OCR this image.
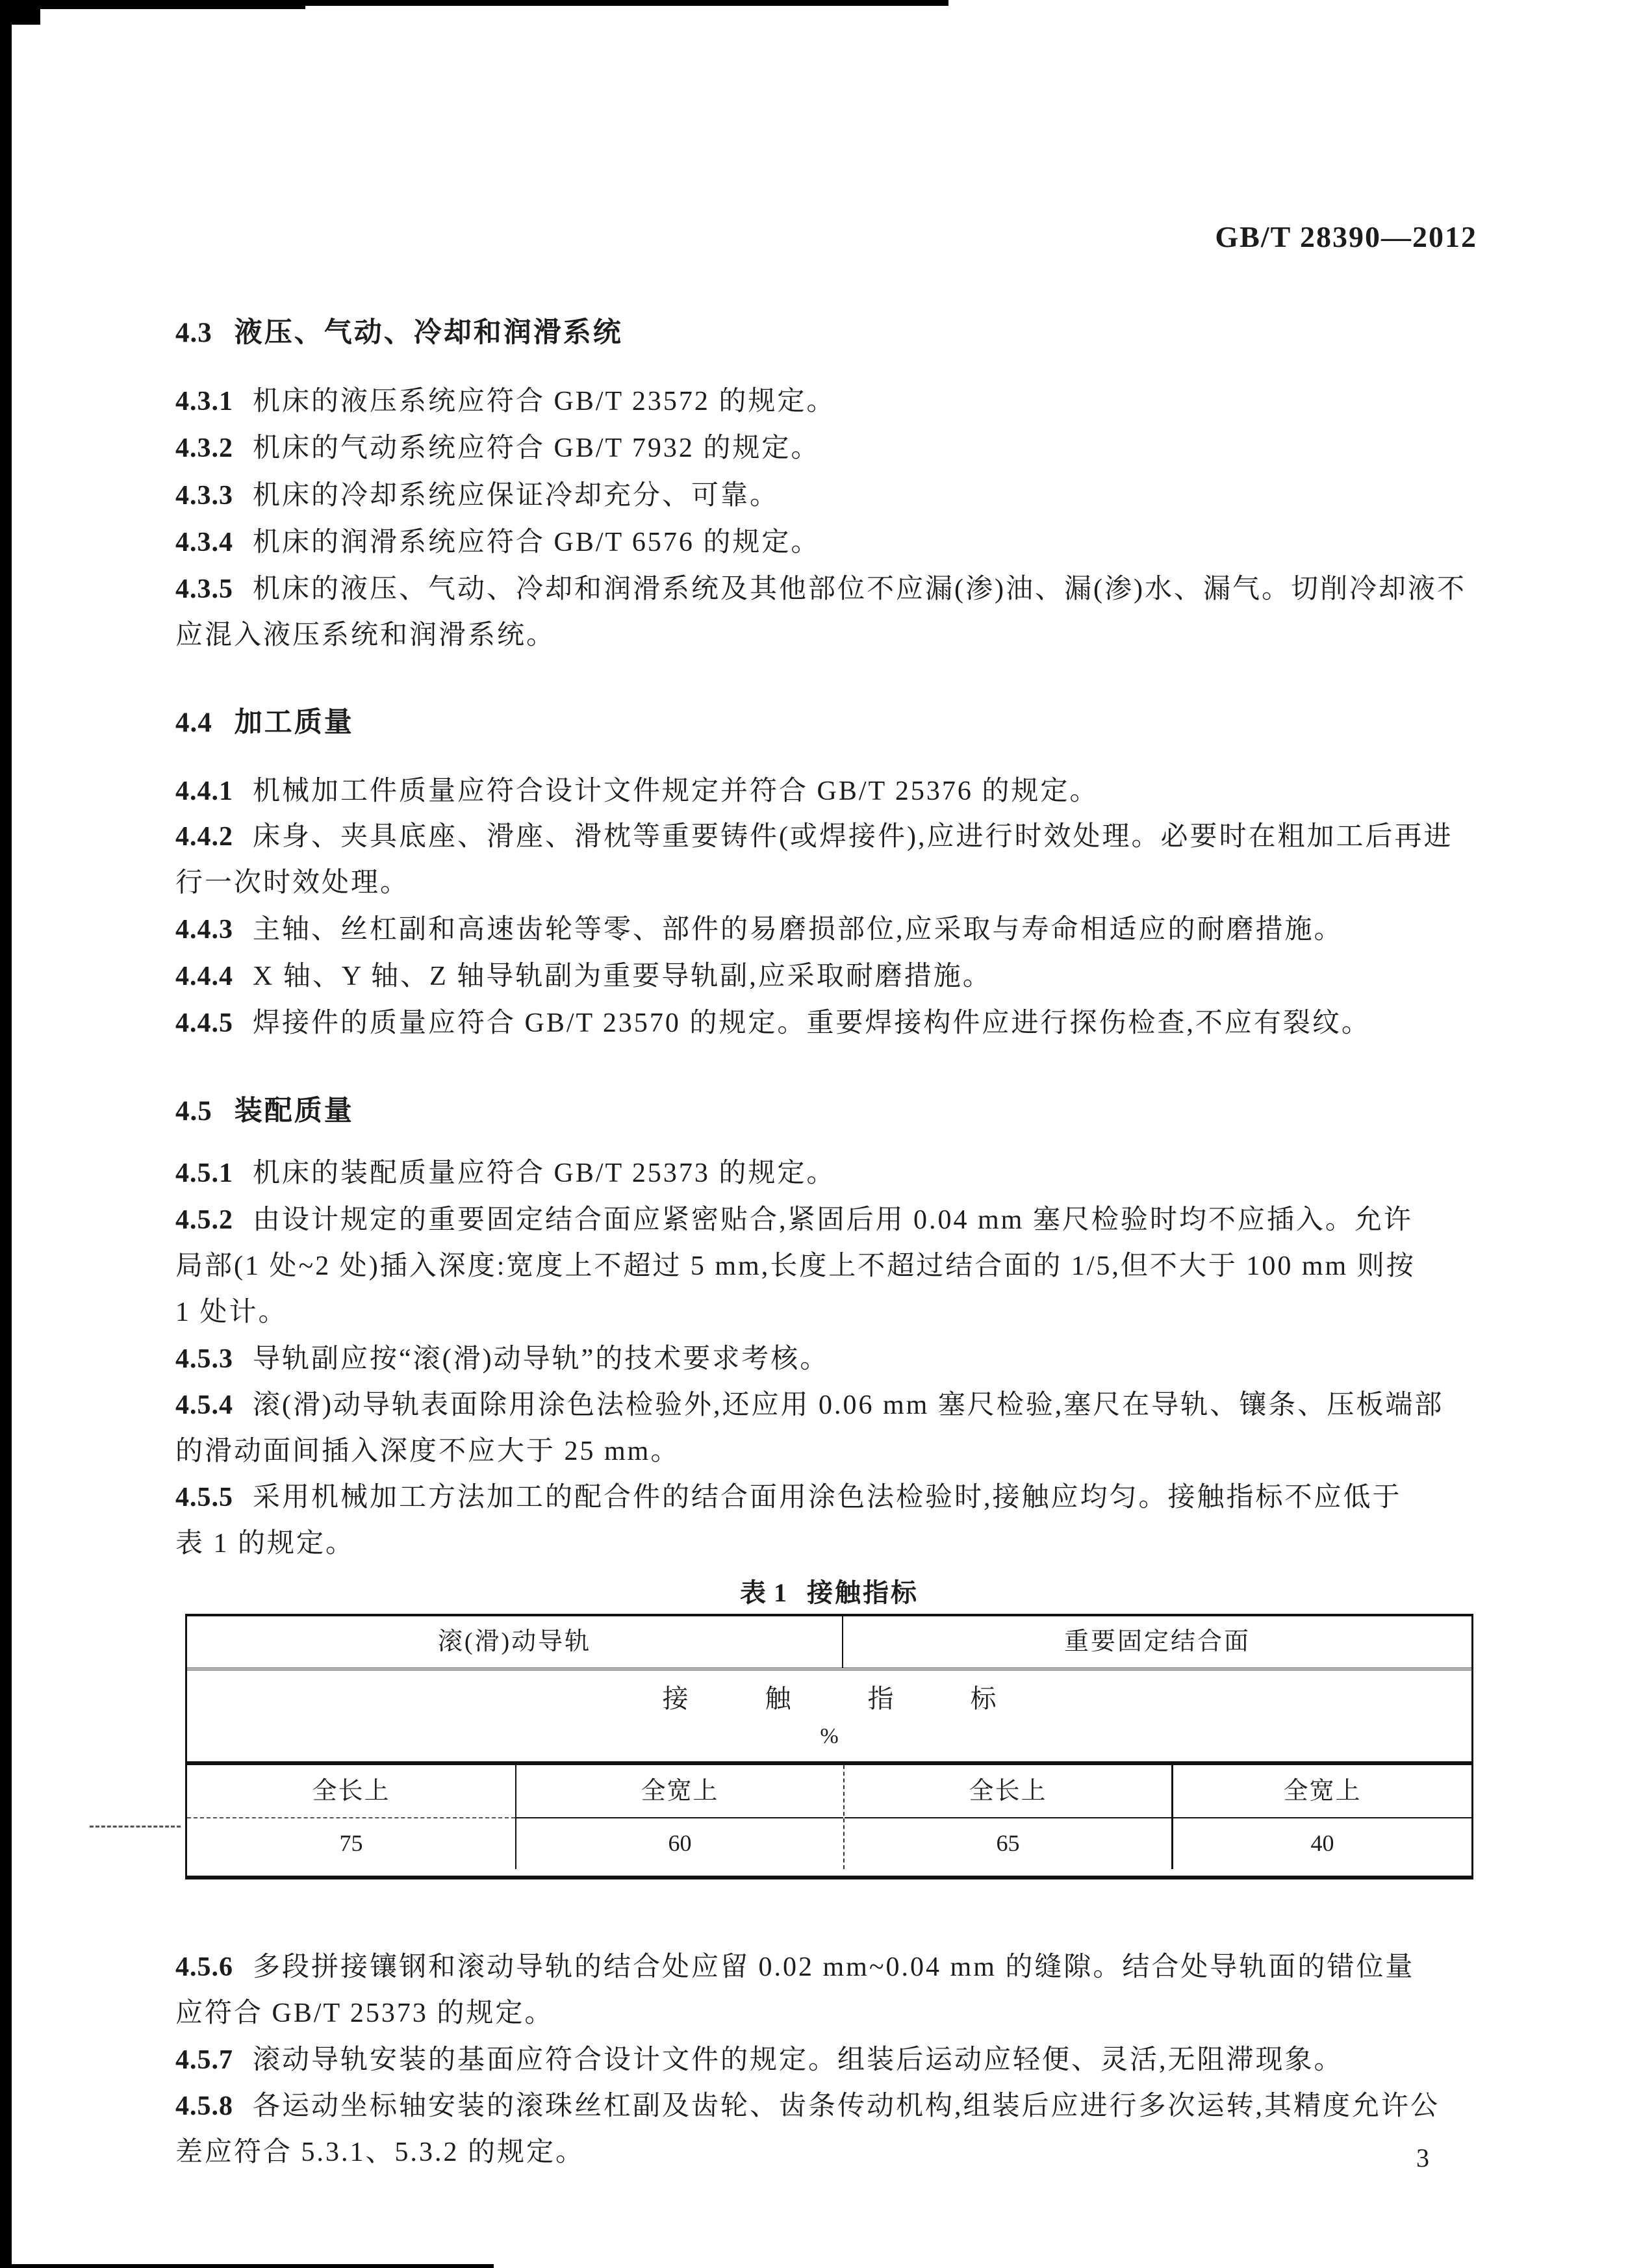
GB/T 28390—2012
4.3 液压、气动、冷却和润滑系统
4.3.1 机床的液压系统应符合 GB/T 23572 的规定。
4.3.2 机床的气动系统应符合 GB/T 7932 的规定。
4.3.3 机床的冷却系统应保证冷却充分、可靠。
4.3.4 机床的润滑系统应符合 GB/T 6576 的规定。
4.3.5 机床的液压、气动、冷却和润滑系统及其他部位不应漏(渗)油、漏(渗)水、漏气。切削冷却液不
应混入液压系统和润滑系统。
4.4 加工质量
4.4.1 机械加工件质量应符合设计文件规定并符合 GB/T 25376 的规定。
4.4.2 床身、夹具底座、滑座、滑枕等重要铸件(或焊接件),应进行时效处理。必要时在粗加工后再进
行一次时效处理。
4.4.3 主轴、丝杠副和高速齿轮等零、部件的易磨损部位,应采取与寿命相适应的耐磨措施。
4.4.4 X 轴、Y 轴、Z 轴导轨副为重要导轨副,应采取耐磨措施。
4.4.5 焊接件的质量应符合 GB/T 23570 的规定。重要焊接构件应进行探伤检查,不应有裂纹。
4.5 装配质量
4.5.1 机床的装配质量应符合 GB/T 25373 的规定。
4.5.2 由设计规定的重要固定结合面应紧密贴合,紧固后用 0.04 mm 塞尺检验时均不应插入。允许
局部(1 处~2 处)插入深度:宽度上不超过 5 mm,长度上不超过结合面的 1/5,但不大于 100 mm 则按
1 处计。
4.5.3 导轨副应按“滚(滑)动导轨”的技术要求考核。
4.5.4 滚(滑)动导轨表面除用涂色法检验外,还应用 0.06 mm 塞尺检验,塞尺在导轨、镶条、压板端部
的滑动面间插入深度不应大于 25 mm。
4.5.5 采用机械加工方法加工的配合件的结合面用涂色法检验时,接触应均匀。接触指标不应低于
表 1 的规定。
表 1 接触指标
滚(滑)动导轨	重要固定结合面
接触指标
%
全长上
75
全宽上
60
全长上
65
全宽上
40
4.5.6 多段拼接镶钢和滚动导轨的结合处应留 0.02 mm~0.04 mm 的缝隙。结合处导轨面的错位量
应符合 GB/T 25373 的规定。
4.5.7 滚动导轨安装的基面应符合设计文件的规定。组装后运动应轻便、灵活,无阻滞现象。
4.5.8 各运动坐标轴安装的滚珠丝杠副及齿轮、齿条传动机构,组装后应进行多次运转,其精度允许公
差应符合 5.3.1、5.3.2 的规定。	3
